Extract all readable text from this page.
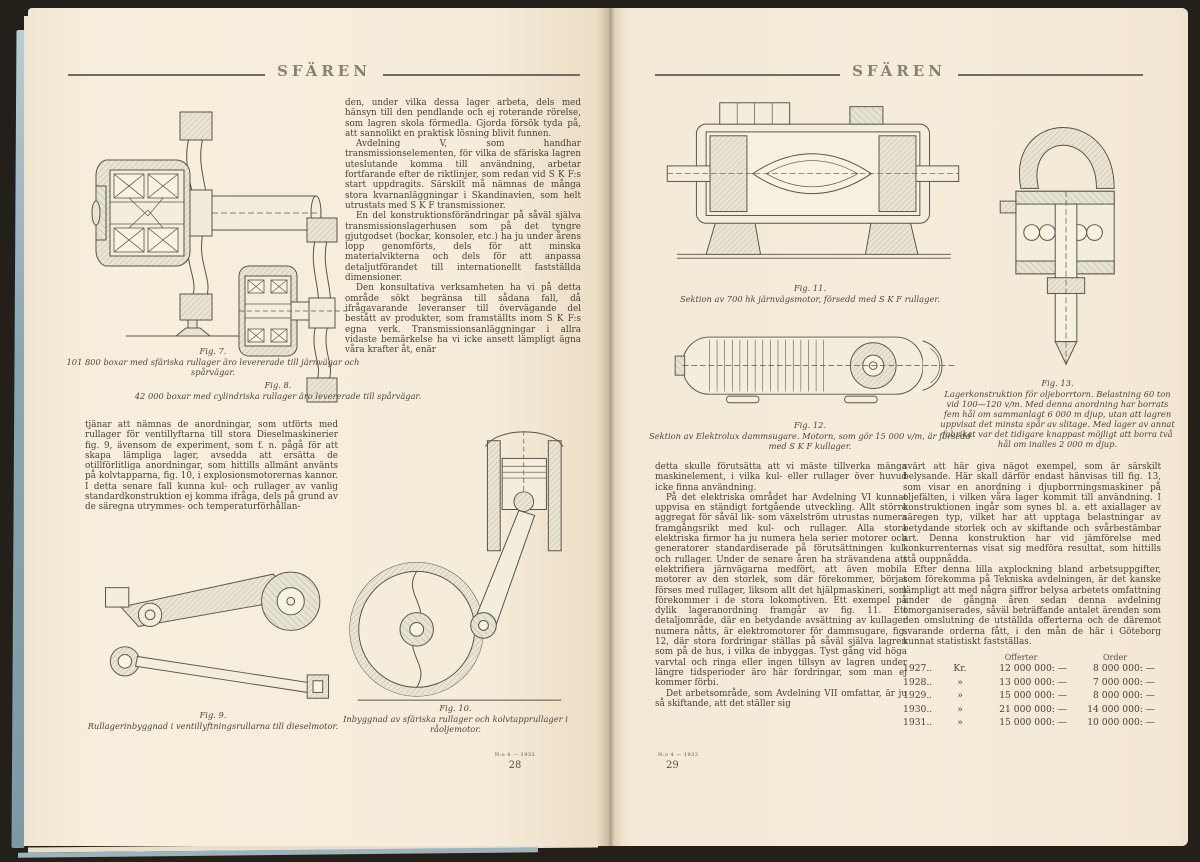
SFÄREN
Fig. 7.
101 800 boxar med sfäriska rullager äro levererade till järnvägar och spårvägar.
Fig. 8.
42 000 boxar med cylindriska rullager äro levererade till spårvägar.

den, under vilka dessa lager arbeta, dels med hänsyn till den pendlande och ej roterande rörelse, som lagren skola förmedla. Gjorda försök tyda på, att sannolikt en praktisk lösning blivit funnen.

Avdelning V, som handhar transmissionselementen, för vilka de sfäriska lagren uteslutande komma till användning, arbetar fortfarande efter de riktlinjer, som redan vid S K F:s start uppdragits. Särskilt må nämnas de många stora kvarnanläggningar i Skandinavien, som helt utrustats med S K F transmissioner.

En del konstruktionsförändringar på såväl själva transmissionslagerhusen som på det tyngre gjutgodset (bockar, konsoler, etc.) ha ju under årens lopp genomförts, dels för att minska materialvikterna och dels för att anpassa detaljutförandet till internationellt fastställda dimensioner.

Den konsultativa verksamheten ha vi på detta område sökt begränsa till sådana fall, då ifrågavarande leveranser till övervägande del bestått av produkter, som framställts inom S K F:s egna verk. Transmissionsanläggningar i allra vidaste bemärkelse ha vi icke ansett lämpligt ägna våra krafter åt, enär

tjänar att nämnas de anordningar, som utförts med rullager för ventillyftarna till stora Dieselmaskinerier fig. 9, ävensom de experiment, som f. n. pågå för att skapa lämpliga lager, avsedda att ersätta de otillförlitliga anordningar, som hittills allmänt använts på kolvtapparna, fig. 10, i explosionsmotorernas kannor. I detta senare fall kunna kul- och rullager av vanlig standardkonstruktion ej komma ifråga, dels på grund av de säregna utrymmes- och temperaturförhållan-

Fig. 9.
Rullagerinbyggnad i ventillyftningsrullarna till dieselmotor.
Fig. 10.
Inbyggnad av sfäriska rullager och kolvtapprullager i råoljemotor.
N:o 4 — 1932
28
SFÄREN
Fig. 11.
Sektion av 700 hk järnvägsmotor, försedd med S K F rullager.
Fig. 12.
Sektion av Elektrolux dammsugare. Motorn, som gör 15 000 v/m, är försedd med S K F kullager.
Fig. 13.
Lagerkonstruktion för oljeborrtorn. Belastning 60 ton vid 100—120 v/m. Med denna anordning har borrats fem hål om sammanlagt 6 000 m djup, utan att lagren uppvisat det minsta spår av slitage. Med lager av annat fabrikat var det tidigare knappast möjligt att borra två hål om inalles 2 000 m djup.

detta skulle förutsätta att vi måste tillverka många maskinelement, i vilka kul- eller rullager över huvud icke finna användning.

På det elektriska området har Avdelning VI kunnat uppvisa en ständigt fortgående utveckling. Allt större aggregat för såväl lik- som växelström utrustas numera framgångsrikt med kul- och rullager. Alla stora elektriska firmor ha ju numera hela serier motorer och generatorer standardiserade på förutsättningen kul- och rullager. Under de senare åren ha strävandena att elektrifiera järnvägarna medfört, att även mobila motorer av den storlek, som där förekommer, börjat förses med rullager, liksom allt det hjälpmaskineri, som förekommer i de stora lokomotiven. Ett exempel på dylik lageranordning framgår av fig. 11. Ett detaljområde, där en betydande avsättning av kullager numera nåtts, är elektromotorer för dammsugare, fig. 12, där stora fordringar ställas på såväl själva lagren som på de hus, i vilka de inbyggas. Tyst gång vid höga varvtal och ringa eller ingen tillsyn av lagren under längre tidsperioder äro här fordringar, som man ej kommer förbi.

Det arbetsområde, som Avdelning VII omfattar, är ju så skiftande, att det ställer sig

svårt att här giva något exempel, som är särskilt belysande. Här skall därför endast hänvisas till fig. 13, som visar en anordning i djupborrningsmaskiner på oljefälten, i vilken våra lager kommit till användning. I konstruktionen ingår som synes bl. a. ett axiallager av säregen typ, vilket har att upptaga belastningar av betydande storlek och av skiftande och svårbestämbar art. Denna konstruktion har vid jämförelse med konkurrenternas visat sig medföra resultat, som hittills stå ouppnådda.

Efter denna lilla axplockning bland arbetsuppgifter, som förekomma på Tekniska avdelningen, är det kanske lämpligt att med några siffror belysa arbetets omfattning under de gångna åren sedan denna avdelning omorganiserades, såväl beträffande antalet ärenden som den omslutning de utställda offerterna och de däremot svarande orderna fått, i den mån de här i Göteborg kunnat statistiskt fastställas.

Offerter	Order
1927..	Kr.	12 000 000: —	8 000 000: —
1928..	»	13 000 000: —	7 000 000: —
1929..	»	15 000 000: —	8 000 000: —
1930..	»	21 000 000: —	14 000 000: —
1931..	»	15 000 000: —	10 000 000: —
N:o 4 — 1932
29
